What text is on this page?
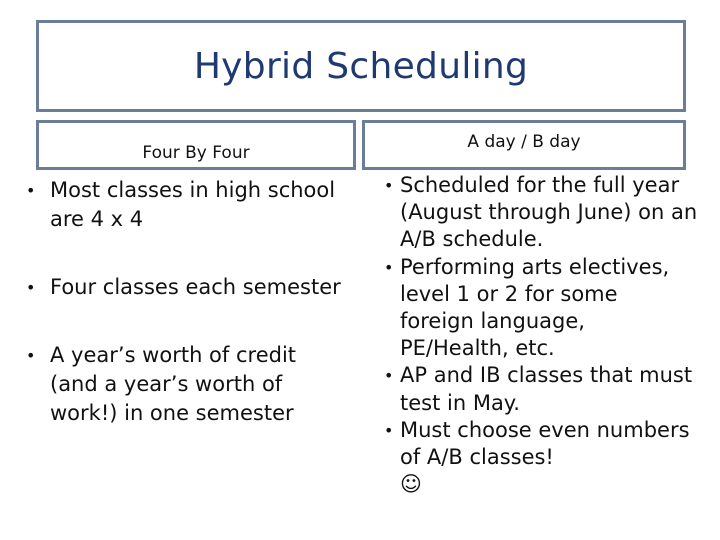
Hybrid Scheduling
Four By Four
A day / B day
• Most classes in high school are 4 x 4
• Four classes each semester
• A year’s worth of credit (and a year’s worth of work!) in one semester
• Scheduled for the full year (August through June) on an A/B schedule.
• Performing arts electives, level 1 or 2 for some foreign language, PE/Health, etc.
• AP and IB classes that must test in May.
• Must choose even numbers of A/B classes!
☺
